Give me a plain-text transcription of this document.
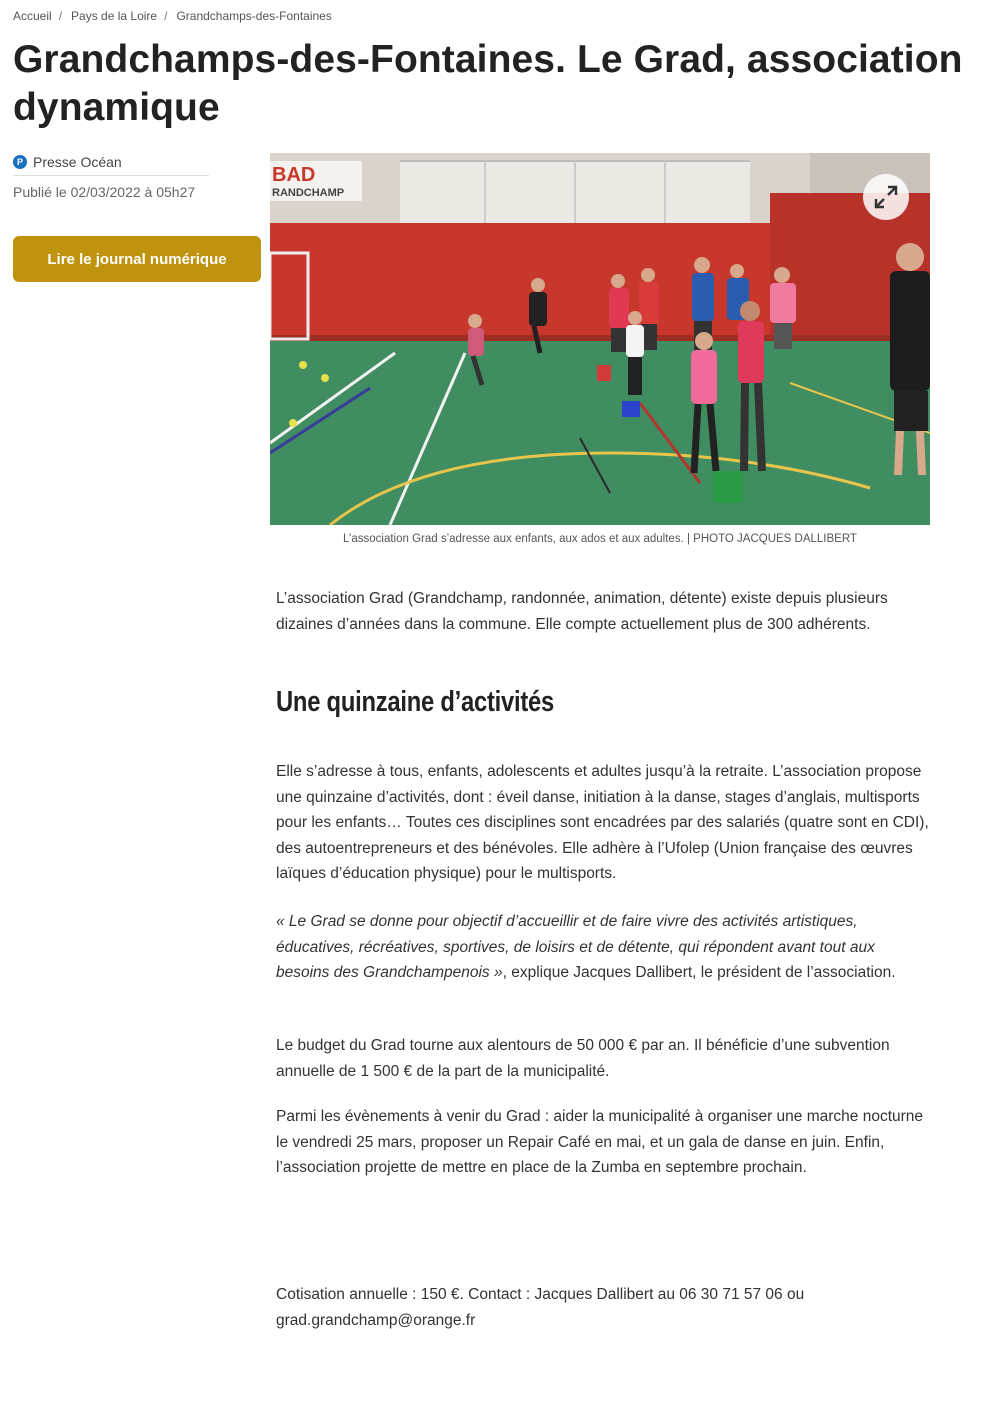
Accueil / Pays de la Loire / Grandchamps-des-Fontaines
Grandchamps-des-Fontaines. Le Grad, association dynamique
P Presse Océan
Publié le 02/03/2022 à 05h27
Lire le journal numérique
BAD
RANDCHAMP
L’association Grad s’adresse aux enfants, aux ados et aux adultes. | PHOTO JACQUES DALLIBERT

L’association Grad (Grandchamp, randonnée, animation, détente) existe depuis plusieurs dizaines d’années dans la commune. Elle compte actuellement plus de 300 adhérents.

Une quinzaine d’activités

Elle s’adresse à tous, enfants, adolescents et adultes jusqu’à la retraite. L’association propose une quinzaine d’activités, dont : éveil danse, initiation à la danse, stages d’anglais, multisports pour les enfants… Toutes ces disciplines sont encadrées par des salariés (quatre sont en CDI), des autoentrepreneurs et des bénévoles. Elle adhère à l’Ufolep (Union française des œuvres laïques d’éducation physique) pour le multisports.

« Le Grad se donne pour objectif d’accueillir et de faire vivre des activités artistiques, éducatives, récréatives, sportives, de loisirs et de détente, qui répondent avant tout aux besoins des Grandchampenois », explique Jacques Dallibert, le président de l’association.

Le budget du Grad tourne aux alentours de 50 000 € par an. Il bénéficie d’une subvention annuelle de 1 500 € de la part de la municipalité.

Parmi les évènements à venir du Grad : aider la municipalité à organiser une marche nocturne le vendredi 25 mars, proposer un Repair Café en mai, et un gala de danse en juin. Enfin, l’association projette de mettre en place de la Zumba en septembre prochain.

Cotisation annuelle : 150 €. Contact : Jacques Dallibert au 06 30 71 57 06 ou grad.grandchamp@orange.fr
